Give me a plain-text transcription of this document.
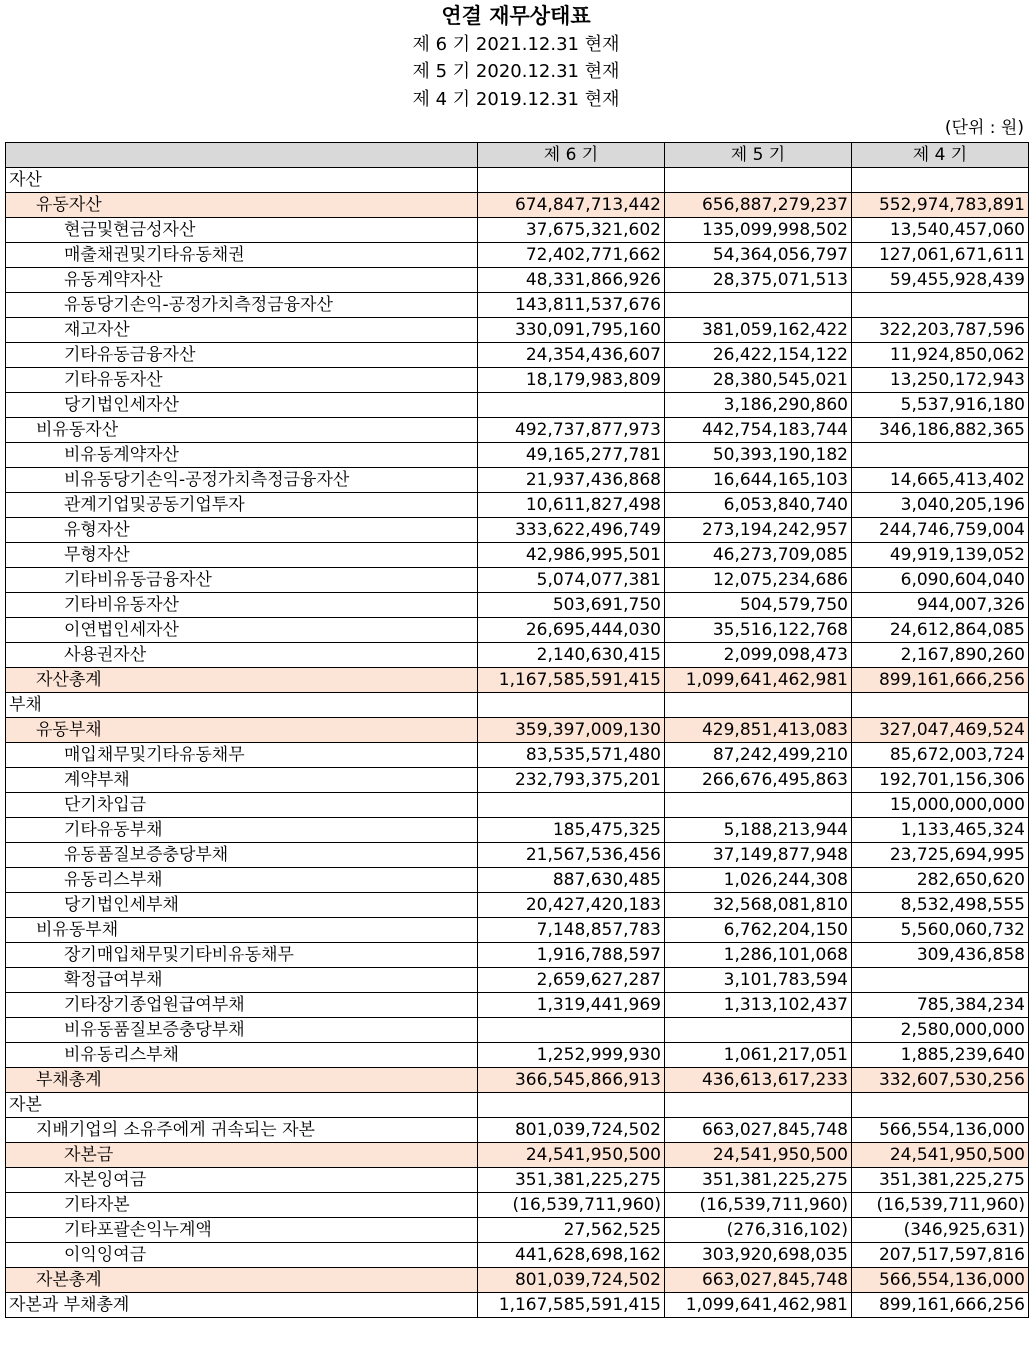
연결 재무상태표
제 6 기 2021.12.31 현재
제 5 기 2020.12.31 현재
제 4 기 2019.12.31 현재
(단위 : 원)
	제 6 기	제 5 기	제 4 기
자산			
유동자산	674,847,713,442	656,887,279,237	552,974,783,891
현금및현금성자산	37,675,321,602	135,099,998,502	13,540,457,060
매출채권및기타유동채권	72,402,771,662	54,364,056,797	127,061,671,611
유동계약자산	48,331,866,926	28,375,071,513	59,455,928,439
유동당기손익-공정가치측정금융자산	143,811,537,676		
재고자산	330,091,795,160	381,059,162,422	322,203,787,596
기타유동금융자산	24,354,436,607	26,422,154,122	11,924,850,062
기타유동자산	18,179,983,809	28,380,545,021	13,250,172,943
당기법인세자산		3,186,290,860	5,537,916,180
비유동자산	492,737,877,973	442,754,183,744	346,186,882,365
비유동계약자산	49,165,277,781	50,393,190,182	
비유동당기손익-공정가치측정금융자산	21,937,436,868	16,644,165,103	14,665,413,402
관계기업및공동기업투자	10,611,827,498	6,053,840,740	3,040,205,196
유형자산	333,622,496,749	273,194,242,957	244,746,759,004
무형자산	42,986,995,501	46,273,709,085	49,919,139,052
기타비유동금융자산	5,074,077,381	12,075,234,686	6,090,604,040
기타비유동자산	503,691,750	504,579,750	944,007,326
이연법인세자산	26,695,444,030	35,516,122,768	24,612,864,085
사용권자산	2,140,630,415	2,099,098,473	2,167,890,260
자산총계	1,167,585,591,415	1,099,641,462,981	899,161,666,256
부채			
유동부채	359,397,009,130	429,851,413,083	327,047,469,524
매입채무및기타유동채무	83,535,571,480	87,242,499,210	85,672,003,724
계약부채	232,793,375,201	266,676,495,863	192,701,156,306
단기차입금			15,000,000,000
기타유동부채	185,475,325	5,188,213,944	1,133,465,324
유동품질보증충당부채	21,567,536,456	37,149,877,948	23,725,694,995
유동리스부채	887,630,485	1,026,244,308	282,650,620
당기법인세부채	20,427,420,183	32,568,081,810	8,532,498,555
비유동부채	7,148,857,783	6,762,204,150	5,560,060,732
장기매입채무및기타비유동채무	1,916,788,597	1,286,101,068	309,436,858
확정급여부채	2,659,627,287	3,101,783,594	
기타장기종업원급여부채	1,319,441,969	1,313,102,437	785,384,234
비유동품질보증충당부채			2,580,000,000
비유동리스부채	1,252,999,930	1,061,217,051	1,885,239,640
부채총계	366,545,866,913	436,613,617,233	332,607,530,256
자본			
지배기업의 소유주에게 귀속되는 자본	801,039,724,502	663,027,845,748	566,554,136,000
자본금	24,541,950,500	24,541,950,500	24,541,950,500
자본잉여금	351,381,225,275	351,381,225,275	351,381,225,275
기타자본	(16,539,711,960)	(16,539,711,960)	(16,539,711,960)
기타포괄손익누계액	27,562,525	(276,316,102)	(346,925,631)
이익잉여금	441,628,698,162	303,920,698,035	207,517,597,816
자본총계	801,039,724,502	663,027,845,748	566,554,136,000
자본과 부채총계	1,167,585,591,415	1,099,641,462,981	899,161,666,256
